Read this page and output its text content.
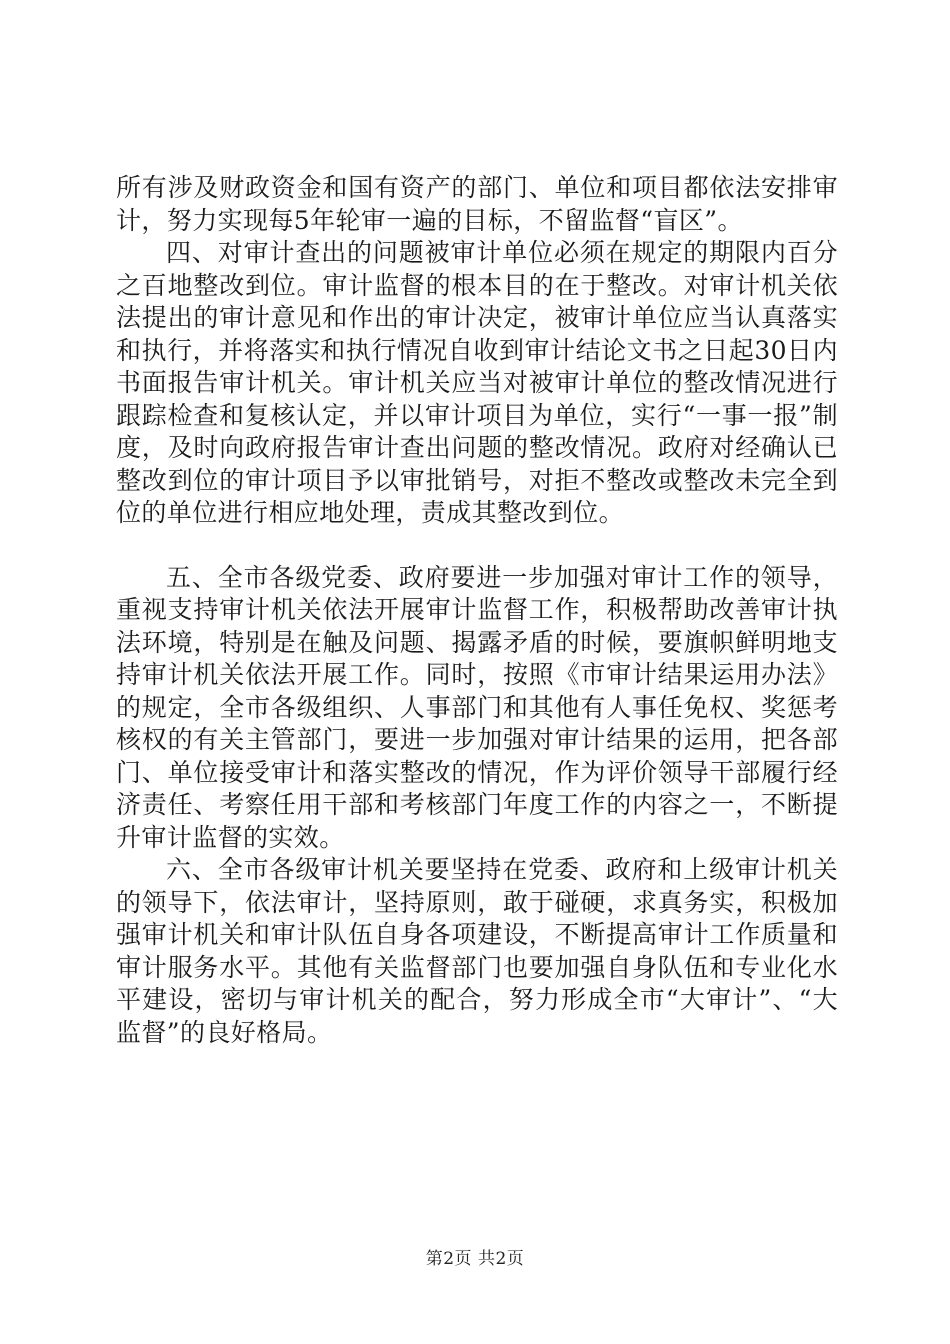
所有涉及财政资金和国有资产的部门、单位和项目都依法安排审计，努力实现每5年轮审一遍的目标，不留监督“盲区”。

四、对审计查出的问题被审计单位必须在规定的期限内百分之百地整改到位。审计监督的根本目的在于整改。对审计机关依法提出的审计意见和作出的审计决定，被审计单位应当认真落实和执行，并将落实和执行情况自收到审计结论文书之日起30日内书面报告审计机关。审计机关应当对被审计单位的整改情况进行跟踪检查和复核认定，并以审计项目为单位，实行“一事一报”制度，及时向政府报告审计查出问题的整改情况。政府对经确认已整改到位的审计项目予以审批销号，对拒不整改或整改未完全到位的单位进行相应地处理，责成其整改到位。

五、全市各级党委、政府要进一步加强对审计工作的领导，重视支持审计机关依法开展审计监督工作，积极帮助改善审计执法环境，特别是在触及问题、揭露矛盾的时候，要旗帜鲜明地支持审计机关依法开展工作。同时，按照《市审计结果运用办法》的规定，全市各级组织、人事部门和其他有人事任免权、奖惩考核权的有关主管部门，要进一步加强对审计结果的运用，把各部门、单位接受审计和落实整改的情况，作为评价领导干部履行经济责任、考察任用干部和考核部门年度工作的内容之一，不断提升审计监督的实效。

六、全市各级审计机关要坚持在党委、政府和上级审计机关的领导下，依法审计，坚持原则，敢于碰硬，求真务实，积极加强审计机关和审计队伍自身各项建设，不断提高审计工作质量和审计服务水平。其他有关监督部门也要加强自身队伍和专业化水平建设，密切与审计机关的配合，努力形成全市“大审计”、“大监督”的良好格局。

第2页 共2页
